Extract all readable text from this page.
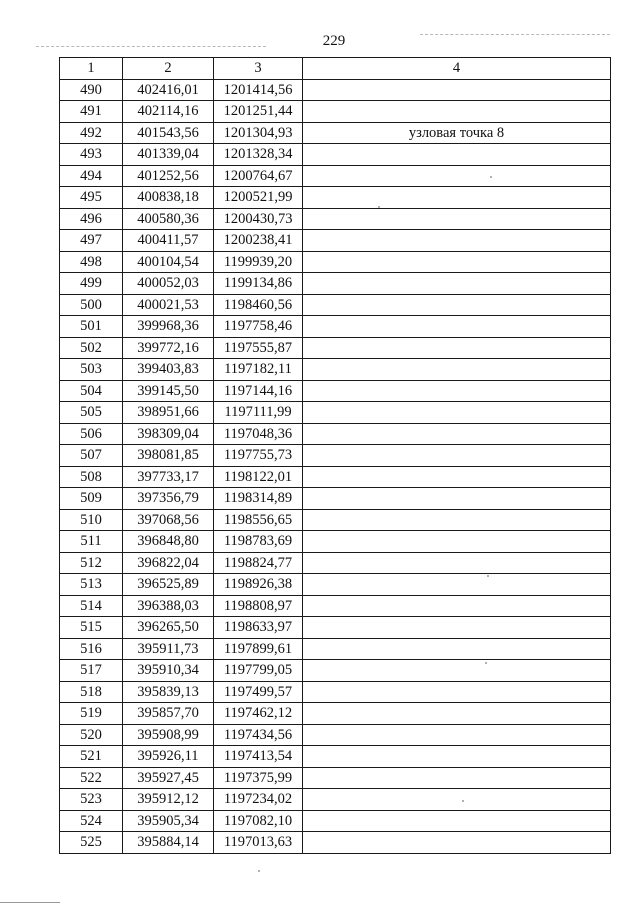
229
1	2	3	4
490	402416,01	1201414,56	
491	402114,16	1201251,44	
492	401543,56	1201304,93	узловая точка 8
493	401339,04	1201328,34	
494	401252,56	1200764,67	
495	400838,18	1200521,99	
496	400580,36	1200430,73	
497	400411,57	1200238,41	
498	400104,54	1199939,20	
499	400052,03	1199134,86	
500	400021,53	1198460,56	
501	399968,36	1197758,46	
502	399772,16	1197555,87	
503	399403,83	1197182,11	
504	399145,50	1197144,16	
505	398951,66	1197111,99	
506	398309,04	1197048,36	
507	398081,85	1197755,73	
508	397733,17	1198122,01	
509	397356,79	1198314,89	
510	397068,56	1198556,65	
511	396848,80	1198783,69	
512	396822,04	1198824,77	
513	396525,89	1198926,38	
514	396388,03	1198808,97	
515	396265,50	1198633,97	
516	395911,73	1197899,61	
517	395910,34	1197799,05	
518	395839,13	1197499,57	
519	395857,70	1197462,12	
520	395908,99	1197434,56	
521	395926,11	1197413,54	
522	395927,45	1197375,99	
523	395912,12	1197234,02	
524	395905,34	1197082,10	
525	395884,14	1197013,63	
